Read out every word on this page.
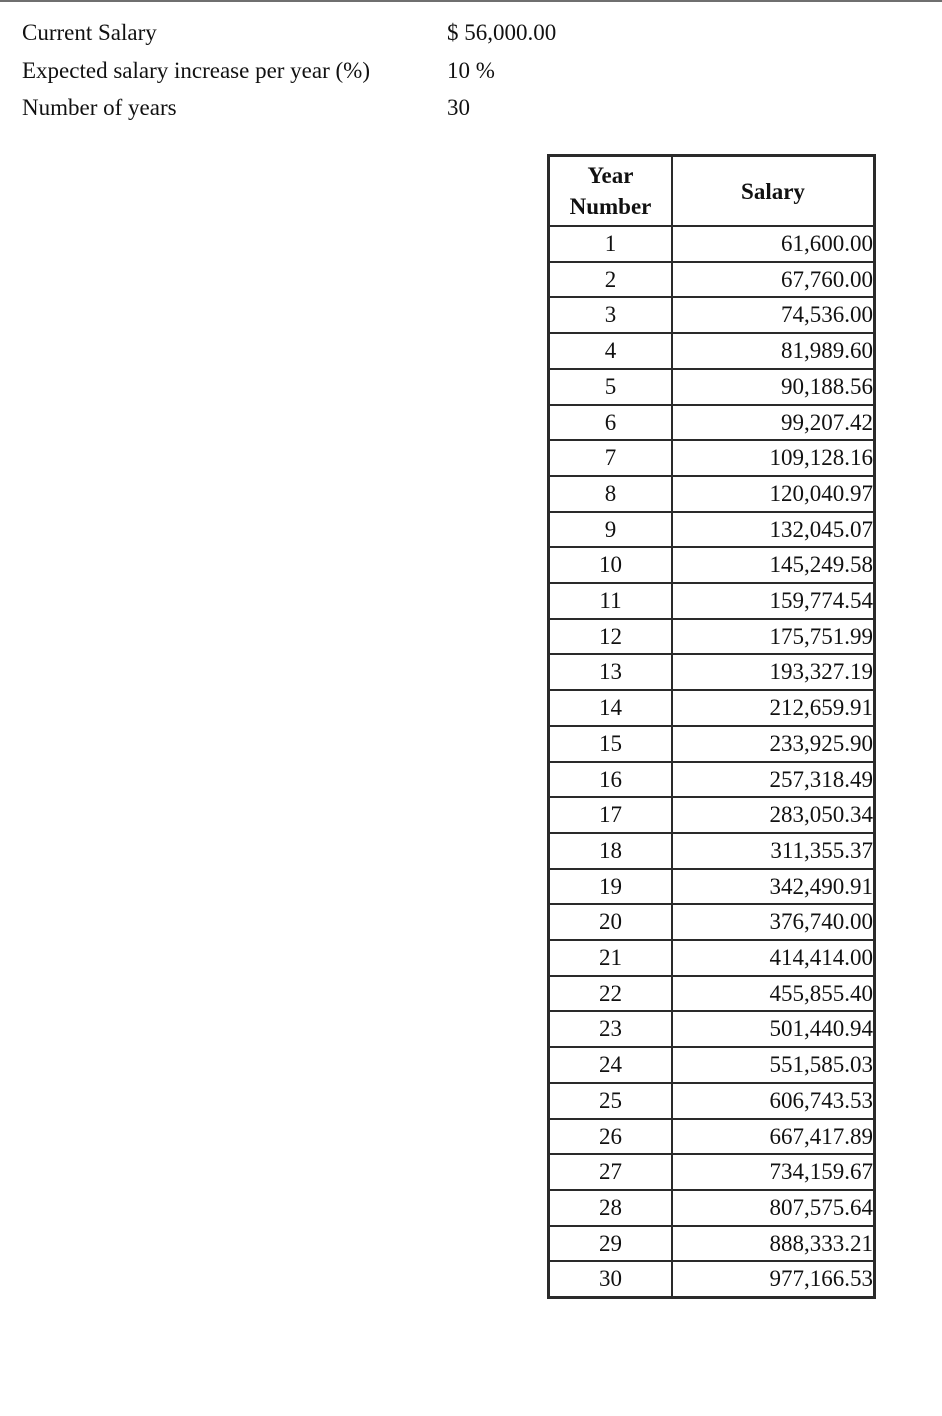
Current Salary	$ 56,000.00
Expected salary increase per year (%)	10 %
Number of years	30
Year
Number	Salary
1	61,600.00
2	67,760.00
3	74,536.00
4	81,989.60
5	90,188.56
6	99,207.42
7	109,128.16
8	120,040.97
9	132,045.07
10	145,249.58
11	159,774.54
12	175,751.99
13	193,327.19
14	212,659.91
15	233,925.90
16	257,318.49
17	283,050.34
18	311,355.37
19	342,490.91
20	376,740.00
21	414,414.00
22	455,855.40
23	501,440.94
24	551,585.03
25	606,743.53
26	667,417.89
27	734,159.67
28	807,575.64
29	888,333.21
30	977,166.53
